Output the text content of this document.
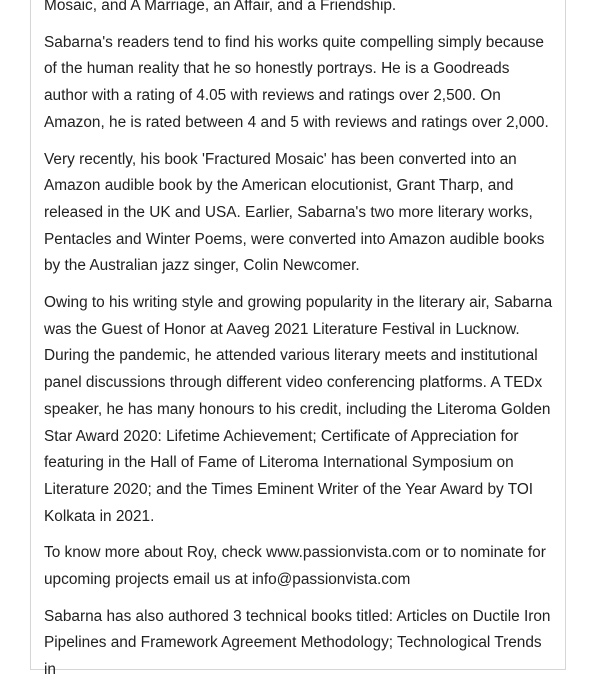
Mosaic, and A Marriage, an Affair, and a Friendship.

Sabarna's readers tend to find his works quite compelling simply because of the human reality that he so honestly portrays. He is a Goodreads author with a rating of 4.05 with reviews and ratings over 2,500. On Amazon, he is rated between 4 and 5 with reviews and ratings over 2,000.

Very recently, his book 'Fractured Mosaic' has been converted into an Amazon audible book by the American elocutionist, Grant Tharp, and released in the UK and USA. Earlier, Sabarna's two more literary works, Pentacles and Winter Poems, were converted into Amazon audible books by the Australian jazz singer, Colin Newcomer.

Owing to his writing style and growing popularity in the literary air, Sabarna was the Guest of Honor at Aaveg 2021 Literature Festival in Lucknow. During the pandemic, he attended various literary meets and institutional panel discussions through different video conferencing platforms. A TEDx speaker, he has many honours to his credit, including the Literoma Golden Star Award 2020: Lifetime Achievement; Certificate of Appreciation for featuring in the Hall of Fame of Literoma International Symposium on Literature 2020; and the Times Eminent Writer of the Year Award by TOI Kolkata in 2021.

To know more about Roy, check www.passionvista.com or to nominate for upcoming projects email us at info@passionvista.com

Sabarna has also authored 3 technical books titled: Articles on Ductile Iron Pipelines and Framework Agreement Methodology; Technological Trends in
